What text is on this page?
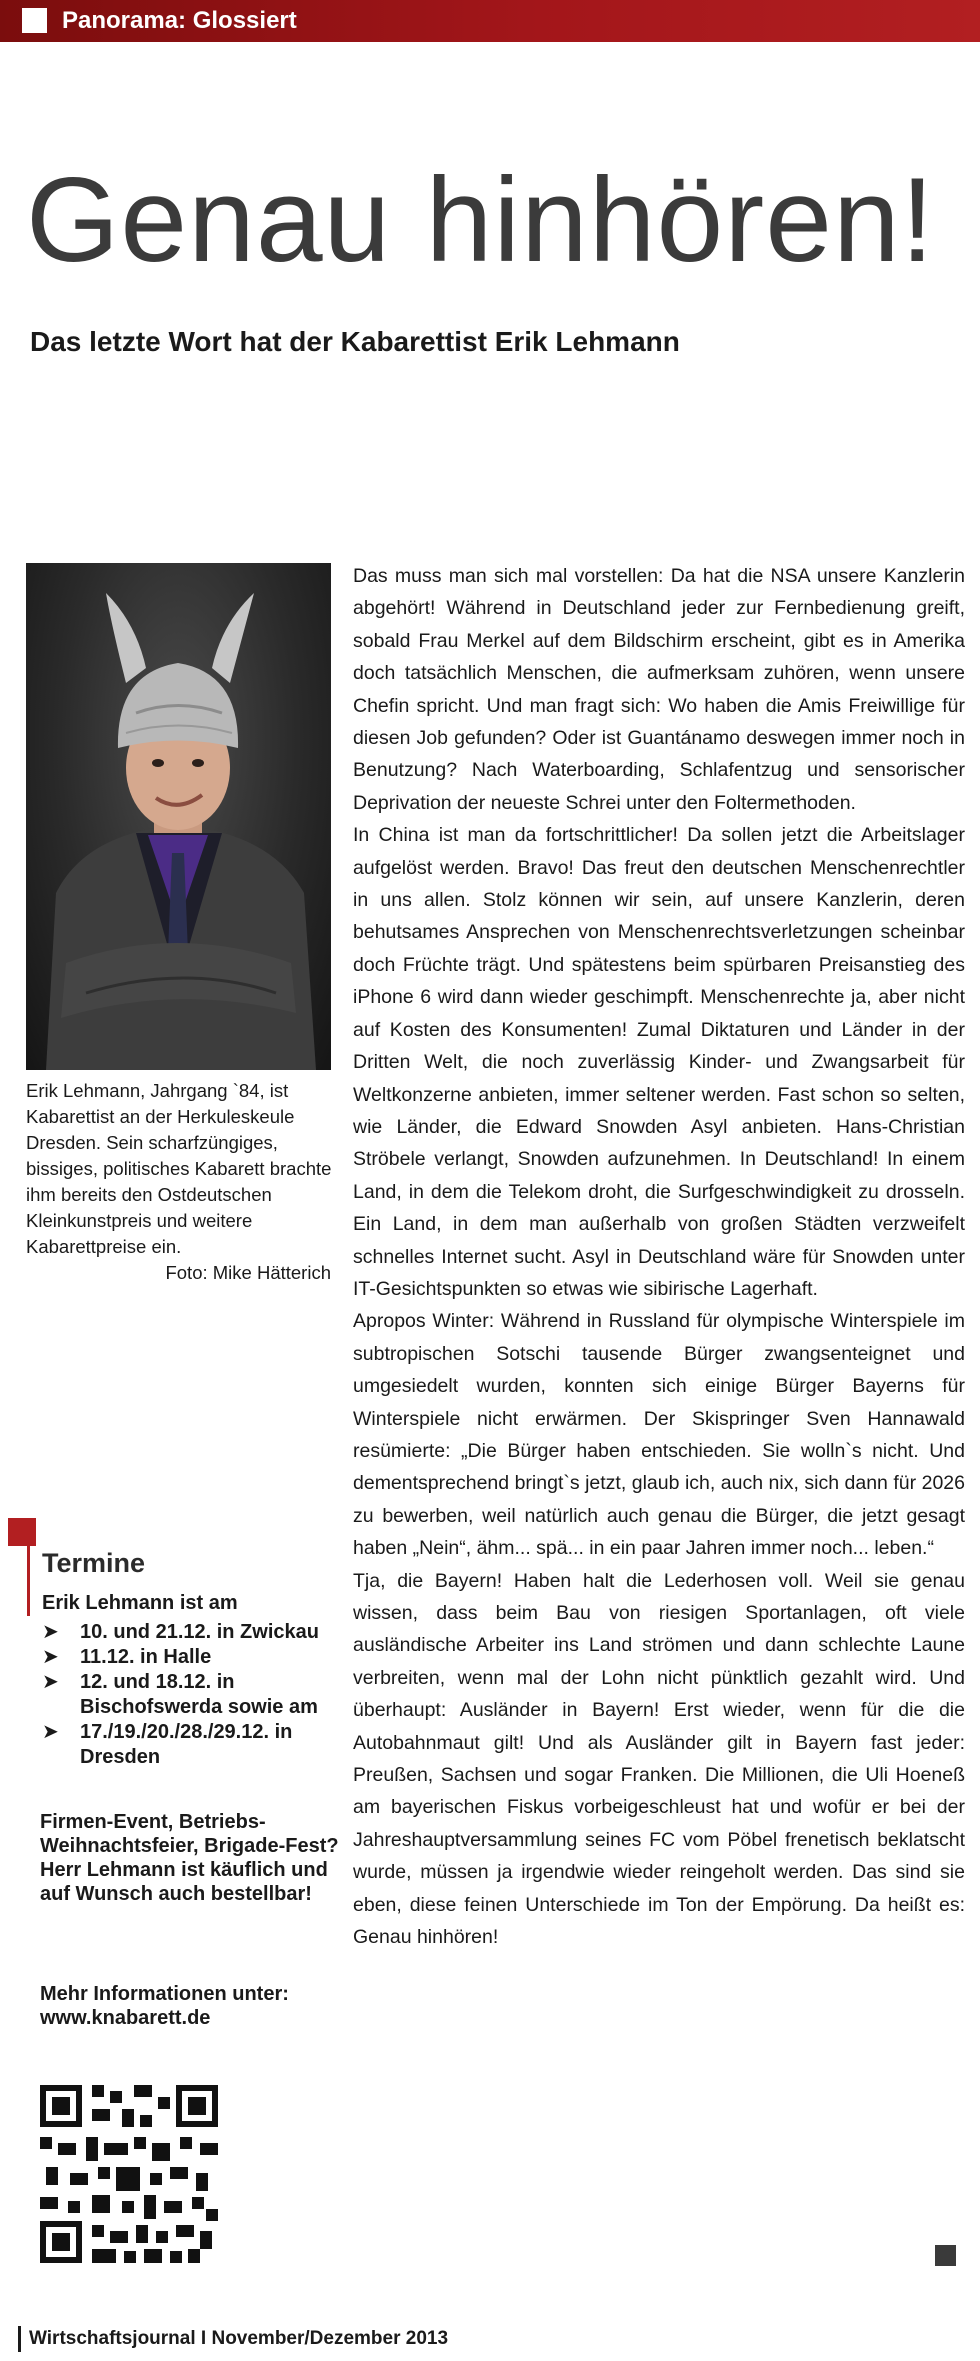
Panorama: Glossiert
Genau hinhören!
Das letzte Wort hat der Kabarettist Erik Lehmann

Erik Lehmann, Jahrgang `84, ist Kabarettist an der Herkuleskeule Dresden. Sein scharfzüngiges, bissiges, politisches Kabarett brachte ihm bereits den Ostdeutschen Kleinkunstpreis und weitere Kabarettpreise ein.

Foto: Mike Hätterich
Termine

Erik Lehmann ist am

➤ 10. und 21.12. in Zwickau
➤ 11.12. in Halle
➤ 12. und 18.12. in Bischofswerda sowie am
➤ 17./19./20./28./29.12. in Dresden

Firmen-Event, Betriebs-Weihnachtsfeier, Brigade-Fest? Herr Lehmann ist käuflich und auf Wunsch auch bestellbar!

Mehr Informationen unter: www.knabarett.de

Das muss man sich mal vorstellen: Da hat die NSA unsere Kanzlerin abgehört! Während in Deutschland jeder zur Fernbedienung greift, sobald Frau Merkel auf dem Bildschirm erscheint, gibt es in Amerika doch tatsächlich Menschen, die aufmerksam zuhören, wenn unsere Chefin spricht. Und man fragt sich: Wo haben die Amis Freiwillige für diesen Job gefunden? Oder ist Guantánamo deswegen immer noch in Benutzung? Nach Waterboarding, Schlafentzug und sensorischer Deprivation der neueste Schrei unter den Foltermethoden.

In China ist man da fortschrittlicher! Da sollen jetzt die Arbeitslager aufgelöst werden. Bravo! Das freut den deutschen Menschenrechtler in uns allen. Stolz können wir sein, auf unsere Kanzlerin, deren behutsames Ansprechen von Menschenrechtsverletzungen scheinbar doch Früchte trägt. Und spätestens beim spürbaren Preisanstieg des iPhone 6 wird dann wieder geschimpft. Menschenrechte ja, aber nicht auf Kosten des Konsumenten! Zumal Diktaturen und Länder in der Dritten Welt, die noch zuverlässig Kinder- und Zwangsarbeit für Weltkonzerne anbieten, immer seltener werden. Fast schon so selten, wie Länder, die Edward Snowden Asyl anbieten. Hans-Christian Ströbele verlangt, Snowden aufzunehmen. In Deutschland! In einem Land, in dem die Telekom droht, die Surfgeschwindigkeit zu drosseln. Ein Land, in dem man außerhalb von großen Städten verzweifelt schnelles Internet sucht. Asyl in Deutschland wäre für Snowden unter IT-Gesichtspunkten so etwas wie sibirische Lagerhaft.

Apropos Winter: Während in Russland für olympische Winterspiele im subtropischen Sotschi tausende Bürger zwangsenteignet und umgesiedelt wurden, konnten sich einige Bürger Bayerns für Winterspiele nicht erwärmen. Der Skispringer Sven Hannawald resümierte: „Die Bürger haben entschieden. Sie wolln`s nicht. Und dementsprechend bringt`s jetzt, glaub ich, auch nix, sich dann für 2026 zu bewerben, weil natürlich auch genau die Bürger, die jetzt gesagt haben „Nein“, ähm... spä... in ein paar Jahren immer noch... leben.“

Tja, die Bayern! Haben halt die Lederhosen voll. Weil sie genau wissen, dass beim Bau von riesigen Sportanlagen, oft viele ausländische Arbeiter ins Land strömen und dann schlechte Laune verbreiten, wenn mal der Lohn nicht pünktlich gezahlt wird. Und überhaupt: Ausländer in Bayern! Erst wieder, wenn für die die Autobahnmaut gilt! Und als Ausländer gilt in Bayern fast jeder: Preußen, Sachsen und sogar Franken. Die Millionen, die Uli Hoeneß am bayerischen Fiskus vorbeigeschleust hat und wofür er bei der Jahreshauptversammlung seines FC vom Pöbel frenetisch beklatscht wurde, müssen ja irgendwie wieder reingeholt werden. Das sind sie eben, diese feinen Unterschiede im Ton der Empörung. Da heißt es: Genau hinhören!

Wirtschaftsjournal I November/Dezember 2013
